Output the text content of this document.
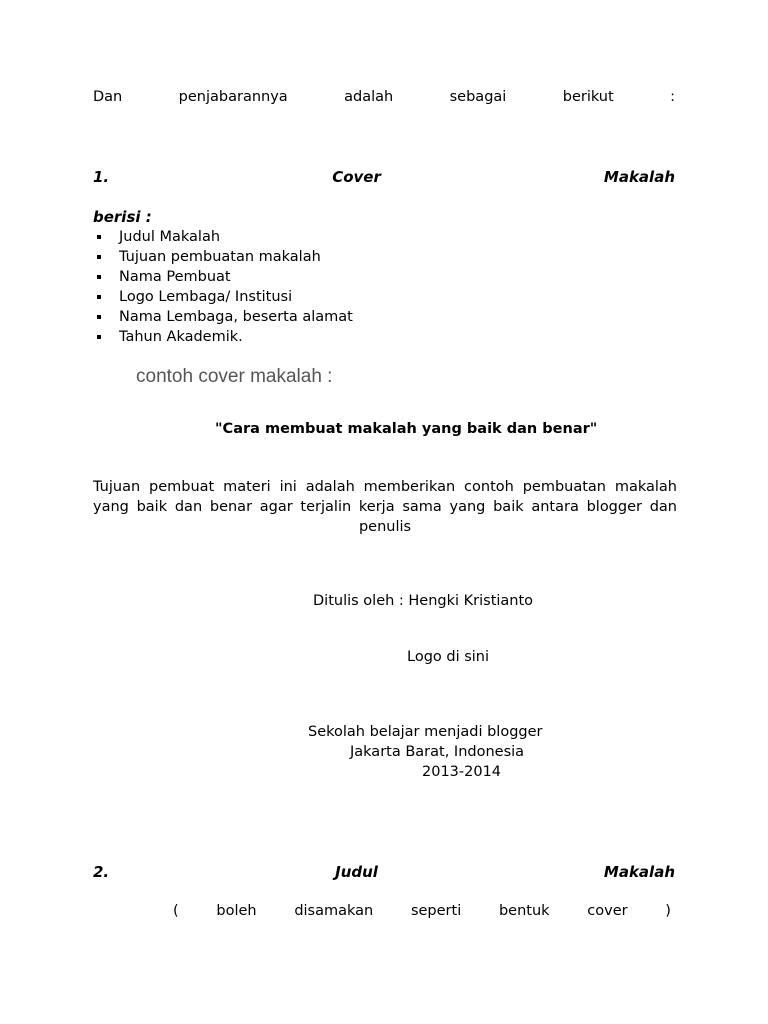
Dan	penjabarannya	adalah	sebagai	berikut	:
1.	Cover	Makalah
berisi :
Judul Makalah
Tujuan pembuatan makalah
Nama Pembuat
Logo Lembaga/ Institusi
Nama Lembaga, beserta alamat
Tahun Akademik.
contoh cover makalah :
"Cara membuat makalah yang baik dan benar"
Tujuan pembuat materi ini adalah memberikan contoh pembuatan makalah
yang baik dan benar agar terjalin kerja sama yang baik antara blogger dan
penulis
Ditulis oleh : Hengki Kristianto
Logo di sini
Sekolah belajar menjadi blogger
Jakarta Barat, Indonesia
2013-2014
2.	Judul	Makalah
(	boleh	disamakan	seperti	bentuk	cover	)
